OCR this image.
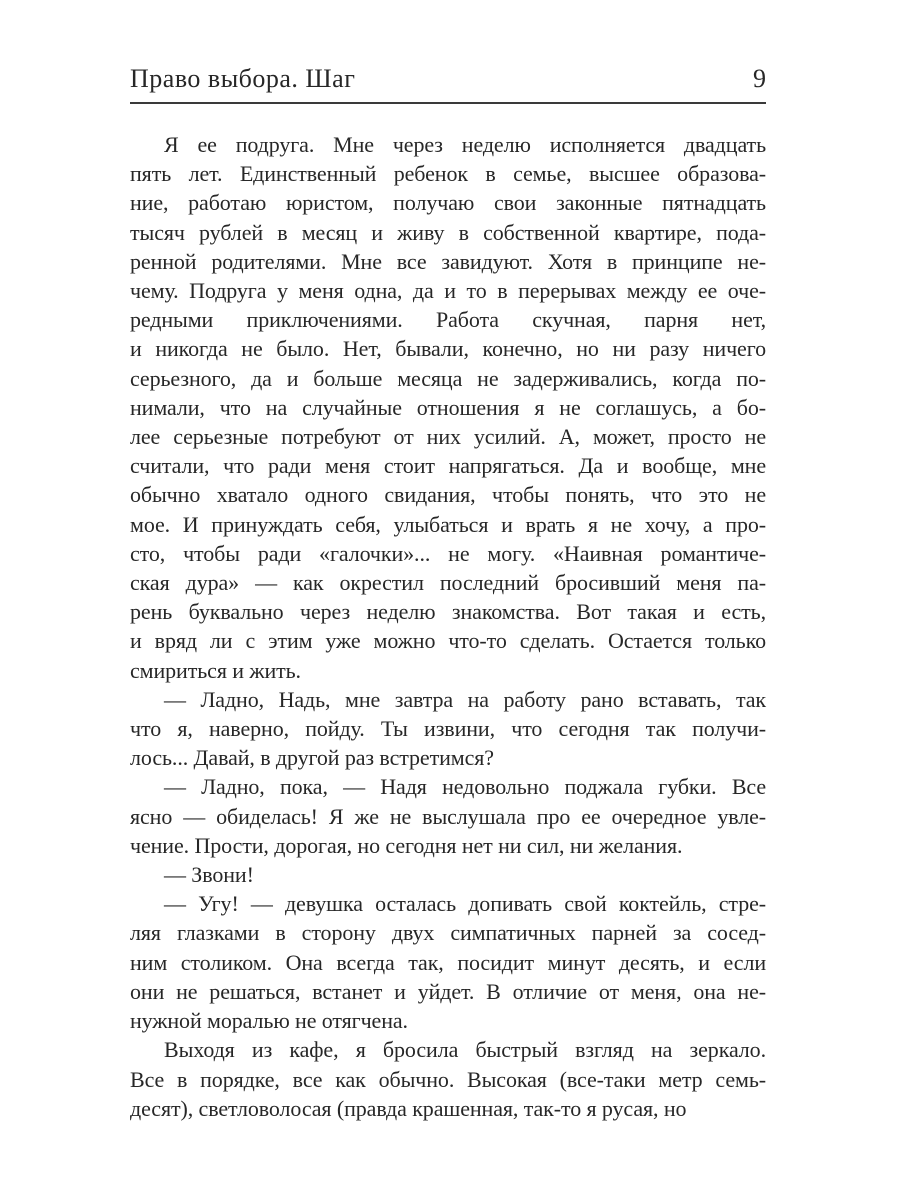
Право выбора. Шаг	9
Я ее подруга. Мне через неделю исполняется двадцать
пять лет. Единственный ребенок в семье, высшее образова-
ние, работаю юристом, получаю свои законные пятнадцать
тысяч рублей в месяц и живу в собственной квартире, пода-
ренной родителями. Мне все завидуют. Хотя в принципе не-
чему. Подруга у меня одна, да и то в перерывах между ее оче-
редными приключениями. Работа скучная, парня нет,
и никогда не было. Нет, бывали, конечно, но ни разу ничего
серьезного, да и больше месяца не задерживались, когда по-
нимали, что на случайные отношения я не соглашусь, а бо-
лее серьезные потребуют от них усилий. А, может, просто не
считали, что ради меня стоит напрягаться. Да и вообще, мне
обычно хватало одного свидания, чтобы понять, что это не
мое. И принуждать себя, улыбаться и врать я не хочу, а про-
сто, чтобы ради «галочки»... не могу. «Наивная романтиче-
ская дура» — как окрестил последний бросивший меня па-
рень буквально через неделю знакомства. Вот такая и есть,
и вряд ли с этим уже можно что-то сделать. Остается только
смириться и жить.
— Ладно, Надь, мне завтра на работу рано вставать, так
что я, наверно, пойду. Ты извини, что сегодня так получи-
лось... Давай, в другой раз встретимся?
— Ладно, пока, — Надя недовольно поджала губки. Все
ясно — обиделась! Я же не выслушала про ее очередное увле-
чение. Прости, дорогая, но сегодня нет ни сил, ни желания.
— Звони!
— Угу! — девушка осталась допивать свой коктейль, стре-
ляя глазками в сторону двух симпатичных парней за сосед-
ним столиком. Она всегда так, посидит минут десять, и если
они не решаться, встанет и уйдет. В отличие от меня, она не-
нужной моралью не отягчена.
Выходя из кафе, я бросила быстрый взгляд на зеркало.
Все в порядке, все как обычно. Высокая (все-таки метр семь-
десят), светловолосая (правда крашенная, так-то я русая, но
